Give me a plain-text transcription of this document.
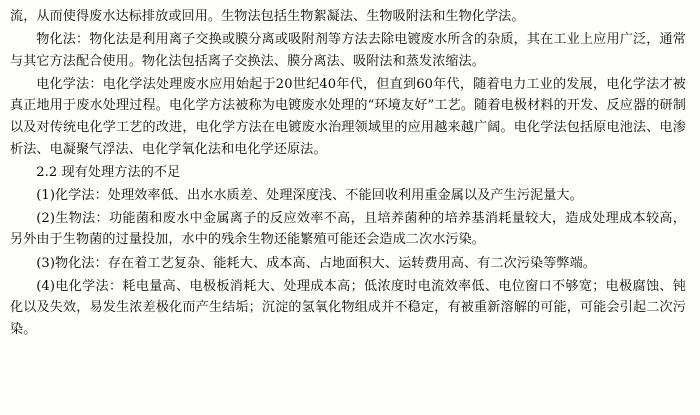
流，从而使得废水达标排放或回用。生物法包括生物絮凝法、生物吸附法和生物化学法。

物化法：物化法是利用离子交换或膜分离或吸附剂等方法去除电镀废水所含的杂质，其在工业上应用广泛，通常与其它方法配合使用。物化法包括离子交换法、膜分离法、吸附法和蒸发浓缩法。

电化学法：电化学法处理废水应用始起于20世纪40年代，但直到60年代，随着电力工业的发展，电化学法才被真正地用于废水处理过程。电化学方法被称为电镀废水处理的“环境友好”工艺。随着电极材料的开发、反应器的研制以及对传统电化学工艺的改进，电化学方法在电镀废水治理领域里的应用越来越广阔。电化学法包括原电池法、电渗析法、电凝聚气浮法、电化学氧化法和电化学还原法。

2.2 现有处理方法的不足

(1)化学法：处理效率低、出水水质差、处理深度浅、不能回收利用重金属以及产生污泥量大。

(2)生物法：功能菌和废水中金属离子的反应效率不高，且培养菌种的培养基消耗量较大，造成处理成本较高，另外由于生物菌的过量投加，水中的残余生物还能繁殖可能还会造成二次水污染。

(3)物化法：存在着工艺复杂、能耗大、成本高、占地面积大、运转费用高、有二次污染等弊端。

(4)电化学法：耗电量高、电极板消耗大、处理成本高；低浓度时电流效率低、电位窗口不够宽；电极腐蚀、钝化以及失效，易发生浓差极化而产生结垢；沉淀的氢氧化物组成并不稳定，有被重新溶解的可能，可能会引起二次污染。
